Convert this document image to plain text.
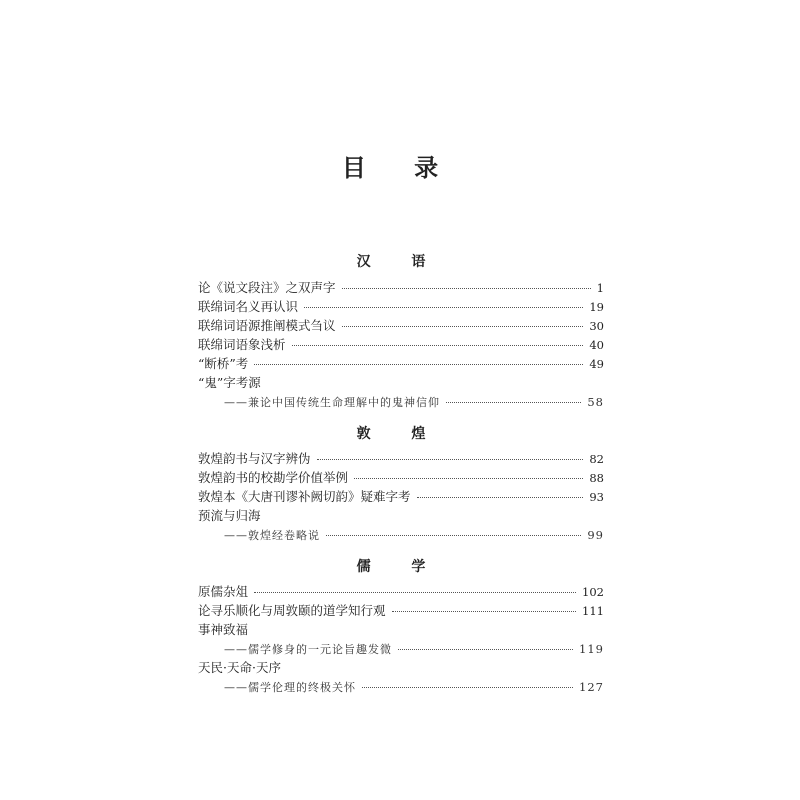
目 录
汉 语
论《说文段注》之双声字	1
联绵词名义再认识	19
联绵词语源推阐模式刍议	30
联绵词语象浅析	40
“断桥”考	49
“鬼”字考源
——兼论中国传统生命理解中的鬼神信仰	58
敦 煌
敦煌韵书与汉字辨伪	82
敦煌韵书的校勘学价值举例	88
敦煌本《大唐刊谬补阙切韵》疑难字考	93
预流与归海
——敦煌经卷略说	99
儒 学
原儒杂俎	102
论寻乐顺化与周敦颐的道学知行观	111
事神致福
——儒学修身的一元论旨趣发微	119
天民·天命·天序
——儒学伦理的终极关怀	127
